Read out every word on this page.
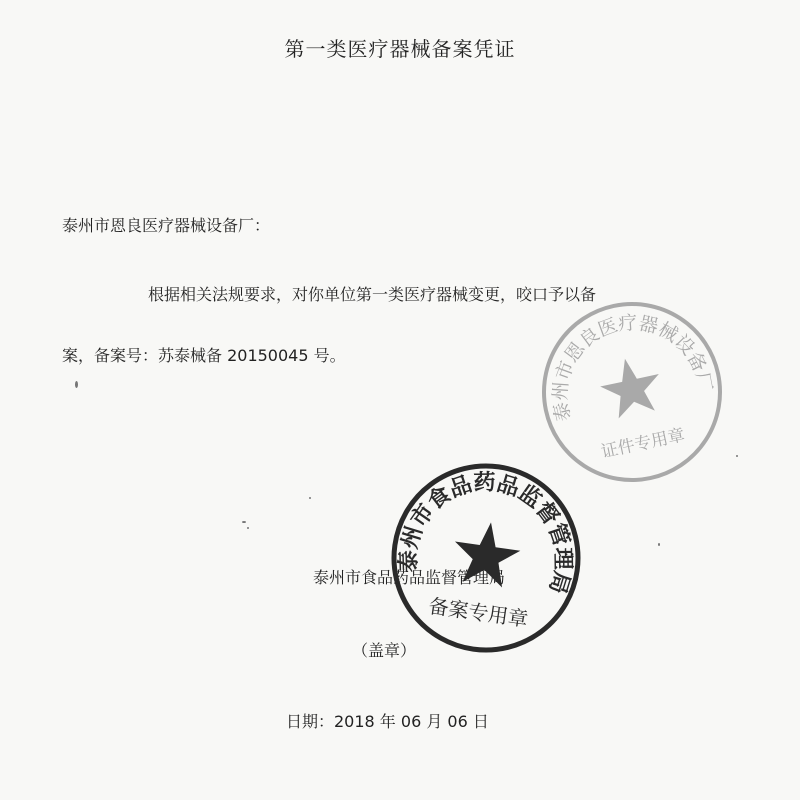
第一类医疗器械备案凭证
泰州市恩良医疗器械设备厂：
根据相关法规要求，对你单位第一类医疗器械变更，咬口予以备
案，备案号：苏泰械备 20150045 号。
泰州市恩良医疗器械设备厂
证件专用章
泰州市食品药品监督管理局
泰州市食品药品监督管理局
备案专用章
（盖章）
日期：2018 年 06 月 06 日
